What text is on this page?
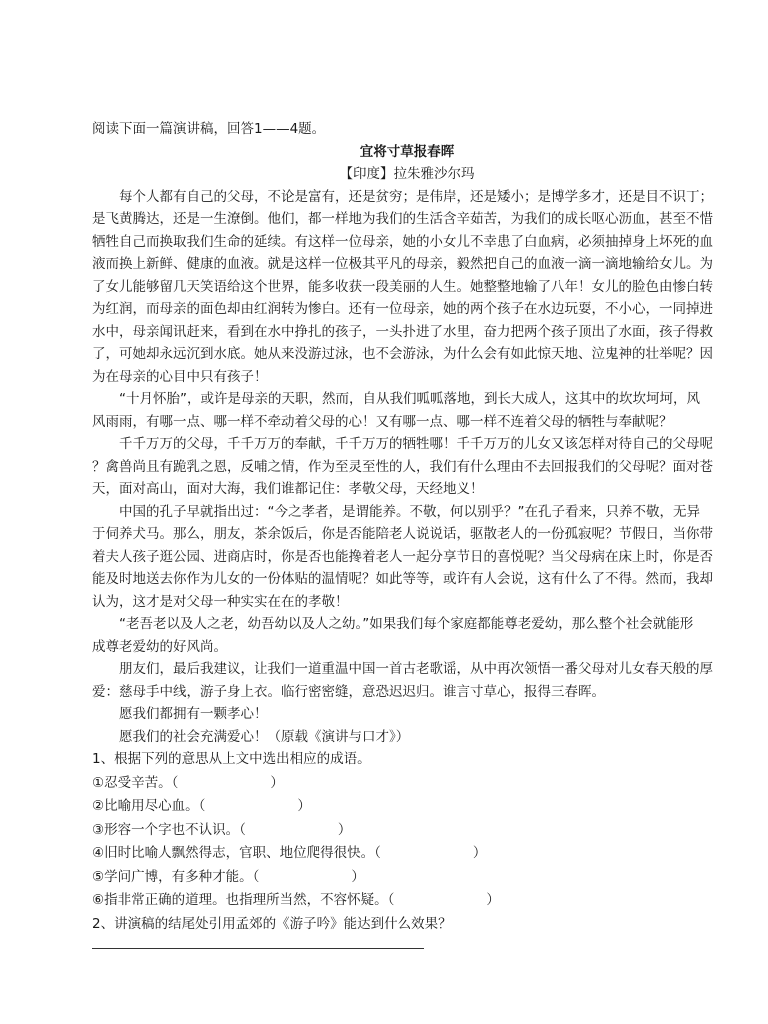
阅读下面一篇演讲稿，回答1——4题。
宜将寸草报春晖
【印度】拉朱雅沙尔玛
每个人都有自己的父母，不论是富有，还是贫穷；是伟岸，还是矮小；是博学多才，还是目不识丁；
是飞黄腾达，还是一生潦倒。他们，都一样地为我们的生活含辛茹苦，为我们的成长呕心沥血，甚至不惜
牺牲自己而换取我们生命的延续。有这样一位母亲，她的小女儿不幸患了白血病，必须抽掉身上坏死的血
液而换上新鲜、健康的血液。就是这样一位极其平凡的母亲，毅然把自己的血液一滴一滴地输给女儿。为
了女儿能够留几天笑语给这个世界，能多收获一段美丽的人生。她整整地输了八年！女儿的脸色由惨白转
为红润，而母亲的面色却由红润转为惨白。还有一位母亲，她的两个孩子在水边玩耍，不小心，一同掉进
水中，母亲闻讯赶来，看到在水中挣扎的孩子，一头扑进了水里，奋力把两个孩子顶出了水面，孩子得救
了，可她却永远沉到水底。她从来没游过泳，也不会游泳，为什么会有如此惊天地、泣鬼神的壮举呢？因
为在母亲的心目中只有孩子！
“十月怀胎”，或许是母亲的天职，然而，自从我们呱呱落地，到长大成人，这其中的坎坎坷坷，风
风雨雨，有哪一点、哪一样不牵动着父母的心！又有哪一点、哪一样不连着父母的牺牲与奉献呢？
千千万万的父母，千千万万的奉献，千千万万的牺牲哪！千千万万的儿女又该怎样对待自己的父母呢
？禽兽尚且有跪乳之恩，反哺之情，作为至灵至性的人，我们有什么理由不去回报我们的父母呢？面对苍
天，面对高山，面对大海，我们谁都记住：孝敬父母，天经地义！
中国的孔子早就指出过：“今之孝者，是谓能养。不敬，何以别乎？”在孔子看来，只养不敬，无异
于伺养犬马。那么，朋友，茶余饭后，你是否能陪老人说说话，驱散老人的一份孤寂呢？节假日，当你带
着夫人孩子逛公园、进商店时，你是否也能搀着老人一起分享节日的喜悦呢？当父母病在床上时，你是否
能及时地送去你作为儿女的一份体贴的温情呢？如此等等，或许有人会说，这有什么了不得。然而，我却
认为，这才是对父母一种实实在在的孝敬！
“老吾老以及人之老，幼吾幼以及人之幼。”如果我们每个家庭都能尊老爱幼，那么整个社会就能形
成尊老爱幼的好风尚。
朋友们，最后我建议，让我们一道重温中国一首古老歌谣，从中再次领悟一番父母对儿女春天般的厚
爱：慈母手中线，游子身上衣。临行密密缝，意恐迟迟归。谁言寸草心，报得三春晖。
愿我们都拥有一颗孝心！
愿我们的社会充满爱心！（原载《演讲与口才》）
1、根据下列的意思从上文中选出相应的成语。
①忍受辛苦。（	）
②比喻用尽心血。（	）
③形容一个字也不认识。（	）
④旧时比喻人飘然得志，官职、地位爬得很快。（	）
⑤学问广博，有多种才能。（	）
⑥指非常正确的道理。也指理所当然，不容怀疑。（	）
2、讲演稿的结尾处引用孟郊的《游子吟》能达到什么效果？
